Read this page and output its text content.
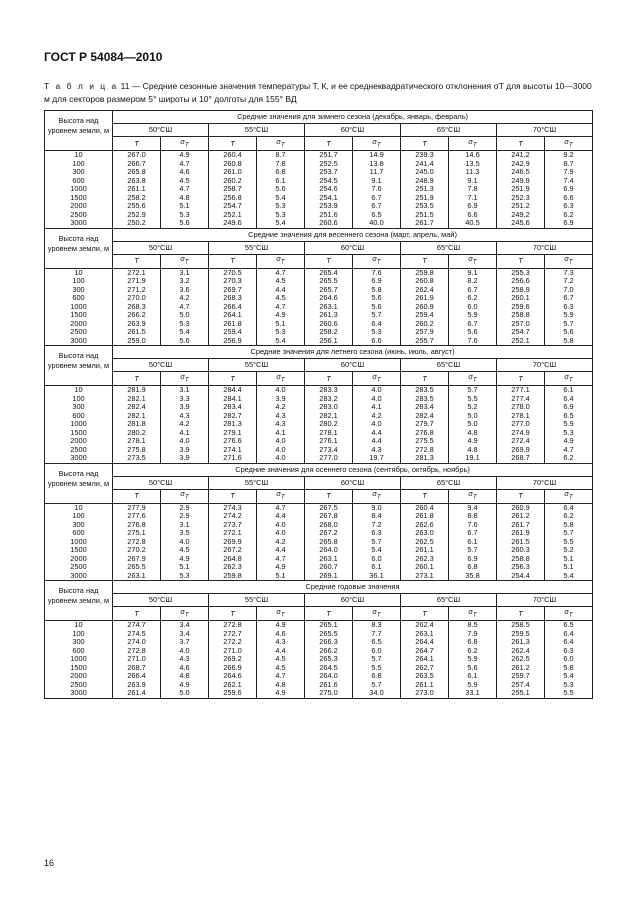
ГОСТ Р 54084—2010
Т а б л и ц а 11 — Средние сезонные значения температуры T, К, и ее среднеквадратического отклонения σT для высоты 10—3000 м для секторов размером 5° широты и 10° долготы для 155° ВД
Высота над уровнем земли, м	Средние значения для зимнего сезона (декабрь, январь, февраль)									
	50°СШ		55°СШ		60°СШ		65°СШ		70°СШ	
	T	$\sigma_T$	T	$\sigma_T$	T	$\sigma_T$	T	$\sigma_T$	T	$\sigma_T$
10	267.0	4.9	260.4	8.7	251.7	14.9	239.3	14.6	241.2	9.2
100	266.7	4.7	260.8	7.8	252.5	13.8	241.4	13.5	242.9	8.7
300	265.8	4.6	261.0	6.8	253.7	11.7	245.0	11.3	246.5	7.9
600	263.8	4.5	260.2	6.1	254.5	9.1	248.9	9.1	249.9	7.4
1000	261.1	4.7	258.7	5.6	254.6	7.6	251.3	7.8	251.9	6.9
1500	258.2	4.8	256.8	5.4	254.1	6.7	251.9	7.1	252.3	6.6
2000	255.6	5.1	254.7	5.3	253.9	6.7	253.5	6.9	251.2	6.3
2500	252.9	5.3	252.1	5.3	251.6	6.5	251.5	6.6	249.2	6.2
3000	250.2	5.6	249.6	5.4	260.6	40.0	261.7	40.5	245.6	6.9
Высота над уровнем земли, м	Средние значения для весеннего сезона (март, апрель, май)									
	50°СШ		55°СШ		60°СШ		65°СШ		70°СШ	
	T	$\sigma_T$	T	$\sigma_T$	T	$\sigma_T$	T	$\sigma_T$	T	$\sigma_T$
10	272.1	3.1	270.5	4.7	265.4	7.6	259.8	9.1	255.3	7.3
100	271.9	3.2	270.3	4.5	265.5	6.9	260.8	8.2	256.6	7.2
300	271.2	3.6	269.7	4.4	265.7	5.8	262.4	6.7	258.9	7.0
600	270.0	4.2	268.3	4.5	264.6	5.6	261.9	6.2	260.1	6.7
1000	268.3	4.7	266.4	4.7	263.1	5.6	260.9	6.0	259.6	6.3
1500	266.2	5.0	264.1	4.9	261.3	5.7	259.4	5.9	258.8	5.9
2000	263.9	5.3	261.8	5.1	260.6	6.4	260.2	6.7	257.0	5.7
2500	261.5	5.4	259.4	5.3	258.2	5.3	257.9	5.6	254.7	5.6
3000	259.0	5.6	256.9	5.4	256.1	6.6	255.7	7.6	252.1	5.8
Высота над уровнем земли, м	Средние значения для летнего сезона (июнь, июль, август)									
	50°СШ		55°СШ		60°СШ		65°СШ		70°СШ	
	T	$\sigma_T$	T	$\sigma_T$	T	$\sigma_T$	T	$\sigma_T$	T	$\sigma_T$
10	281.9	3.1	284.4	4.0	283.3	4.0	283.5	5.7	277.1	6.1
100	282.1	3.3	284.1	3.9	283.2	4.0	283.5	5.5	277.4	6.4
300	282.4	3.9	283.4	4.2	283.0	4.1	283.4	5.2	278.0	6.9
600	282.1	4.3	282.7	4.3	282.1	4.2	282.4	5.0	278.1	6.5
1000	281.8	4.2	281.3	4.3	280.2	4.0	279.7	5.0	277.0	5.9
1500	280.2	4.1	279.1	4.1	278.1	4.4	276.8	4.8	274.9	5.3
2000	278.1	4.0	276.6	4.0	276.1	4.4	275.5	4.9	272.4	4.9
2500	275.8	3.9	274.1	4.0	273.4	4.3	272.8	4.8	269.9	4.7
3000	273.5	3.9	271.6	4.0	277.0	19.7	281.3	19.1	268.7	6.2
Высота над уровнем земли, м	Средние значения для осеннего сезона (сентябрь, октябрь, ноябрь)									
	50°СШ		55°СШ		60°СШ		65°СШ		70°СШ	
	T	$\sigma_T$	T	$\sigma_T$	T	$\sigma_T$	T	$\sigma_T$	T	$\sigma_T$
10	277.9	2.9	274.3	4.7	267.5	9.0	260.4	9.4	260.9	6.4
100	277.6	2.9	274.2	4.4	267.8	8.4	261.8	8.8	261.2	6.2
300	276.8	3.1	273.7	4.0	268.0	7.2	262.6	7.6	261.7	5.8
600	275.1	3.5	272.1	4.0	267.2	6.3	263.0	6.7	261.9	5.7
1000	272.8	4.0	269.9	4.2	265.8	5.7	262.5	6.1	261.5	5.5
1500	270.2	4.5	267.2	4.4	264.0	5.4	261.1	5.7	260.3	5.2
2000	267.9	4.9	264.8	4.7	263.1	6.0	262.3	6.9	258.8	5.1
2500	265.5	5.1	262.3	4.9	260.7	6.1	260.1	6.8	256.3	5.1
3000	263.1	5.3	259.8	5.1	269.1	36.1	273.1	35.8	254.4	5.4
Высота над уровнем земли, м	Средние годовые значения									
	50°СШ		55°СШ		60°СШ		65°СШ		70°СШ	
	T	$\sigma_T$	T	$\sigma_T$	T	$\sigma_T$	T	$\sigma_T$	T	$\sigma_T$
10	274.7	3.4	272.8	4.9	265.1	8.3	262.4	8.5	258.5	6.5
100	274.5	3.4	272.7	4.6	265.5	7.7	263.1	7.9	259.5	6.4
300	274.0	3.7	272.2	4.3	266.3	6.5	264.4	6.8	261.3	6.4
600	272.8	4.0	271.0	4.4	266.2	6.0	264.7	6.2	262.4	6.3
1000	271.0	4.3	269.2	4.5	265.3	5.7	264.1	5.9	262.5	6.0
1500	268.7	4.6	266.9	4.5	264.5	5.5	262.7	5.6	261.2	5.8
2000	266.4	4.8	264.6	4.7	264.0	6.8	263.5	6.1	259.7	5.4
2500	263.9	4.9	262.1	4.8	261.6	5.7	261.1	5.9	257.4	5.3
3000	261.4	5.0	259.6	4.9	275.0	34.0	273.0	33.1	255.1	5.5
16
